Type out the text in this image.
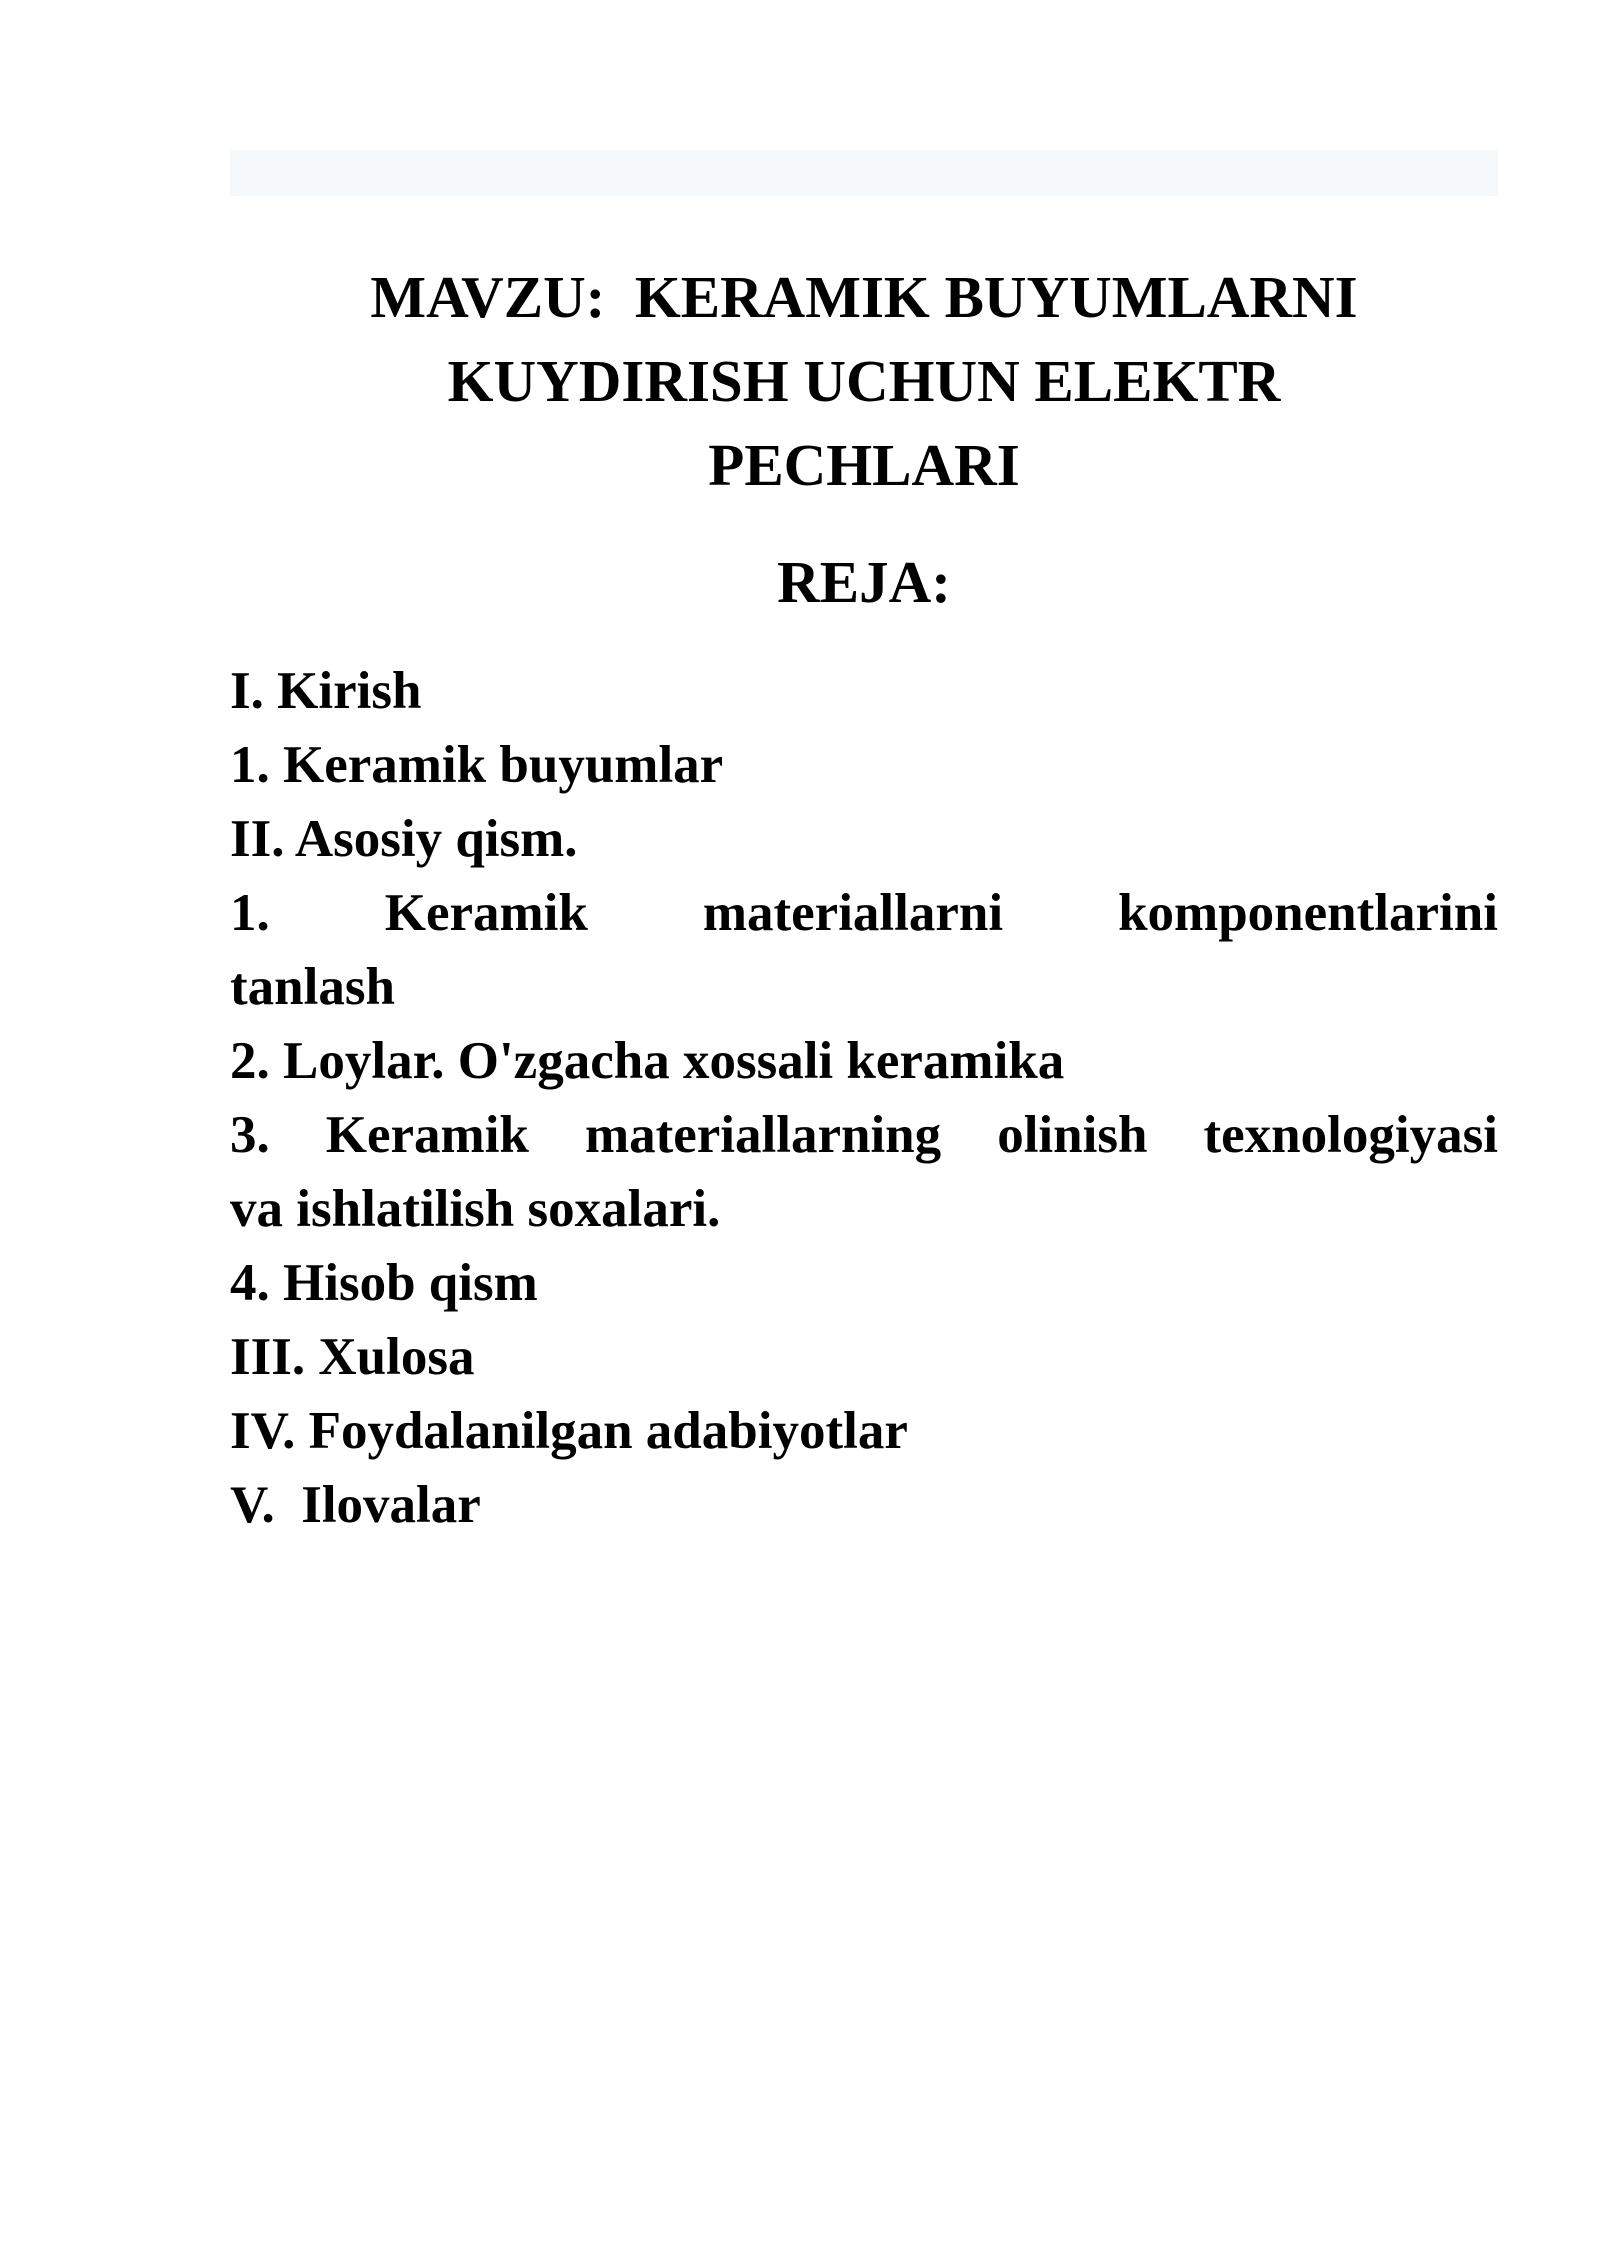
MAVZU:  KERAMIK BUYUMLARNI
KUYDIRISH UCHUN ELEKTR
PECHLARI
REJA:
I. Kirish
1. Keramik buyumlar
II. Asosiy qism.
1. Keramik materiallarni komponentlarini
tanlash
2. Loylar. O'zgacha xossali keramika
3. Keramik materiallarning olinish texnologiyasi
va ishlatilish soxalari.
4. Hisob qism
III. Xulosa
IV. Foydalanilgan adabiyotlar
V.  Ilovalar
